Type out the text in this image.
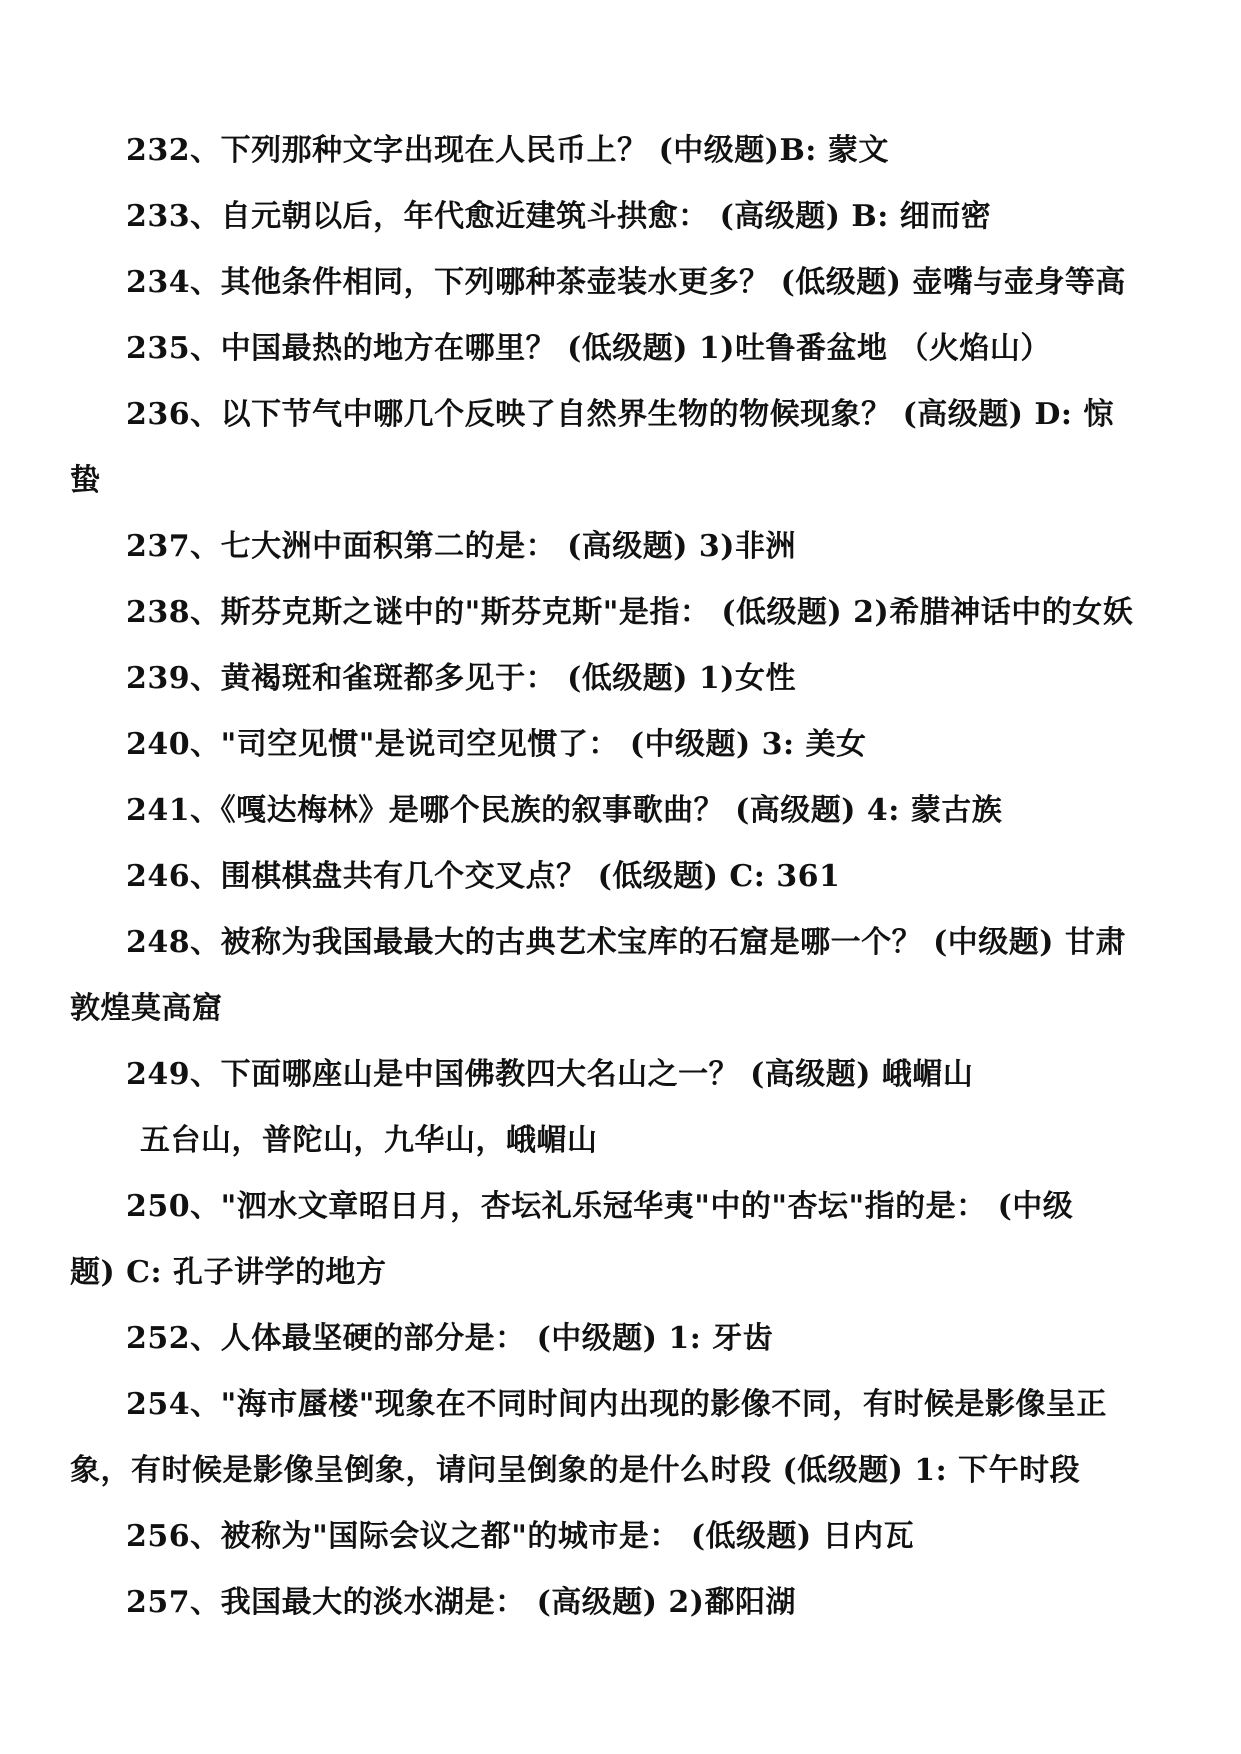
232、下列那种文字出现在人民币上？ (中级题)B: 蒙文
233、自元朝以后，年代愈近建筑斗拱愈： (高级题) B: 细而密
234、其他条件相同，下列哪种茶壶装水更多？ (低级题) 壶嘴与壶身等高
235、中国最热的地方在哪里？ (低级题) 1)吐鲁番盆地 （火焰山）
236、以下节气中哪几个反映了自然界生物的物候现象？ (高级题) D: 惊
蛰
237、七大洲中面积第二的是： (高级题) 3)非洲
238、斯芬克斯之谜中的"斯芬克斯"是指： (低级题) 2)希腊神话中的女妖
239、黄褐斑和雀斑都多见于： (低级题) 1)女性
240、"司空见惯"是说司空见惯了： (中级题) 3: 美女
241、《嘎达梅林》是哪个民族的叙事歌曲？ (高级题) 4: 蒙古族
246、围棋棋盘共有几个交叉点？ (低级题) C: 361
248、被称为我国最最大的古典艺术宝库的石窟是哪一个？ (中级题) 甘肃
敦煌莫高窟
249、下面哪座山是中国佛教四大名山之一？ (高级题) 峨嵋山
五台山，普陀山，九华山，峨嵋山
250、"泗水文章昭日月，杏坛礼乐冠华夷"中的"杏坛"指的是： (中级
题) C: 孔子讲学的地方
252、人体最坚硬的部分是： (中级题) 1: 牙齿
254、"海市蜃楼"现象在不同时间内出现的影像不同，有时候是影像呈正
象，有时候是影像呈倒象，请问呈倒象的是什么时段 (低级题) 1: 下午时段
256、被称为"国际会议之都"的城市是： (低级题) 日内瓦
257、我国最大的淡水湖是： (高级题) 2)鄱阳湖
